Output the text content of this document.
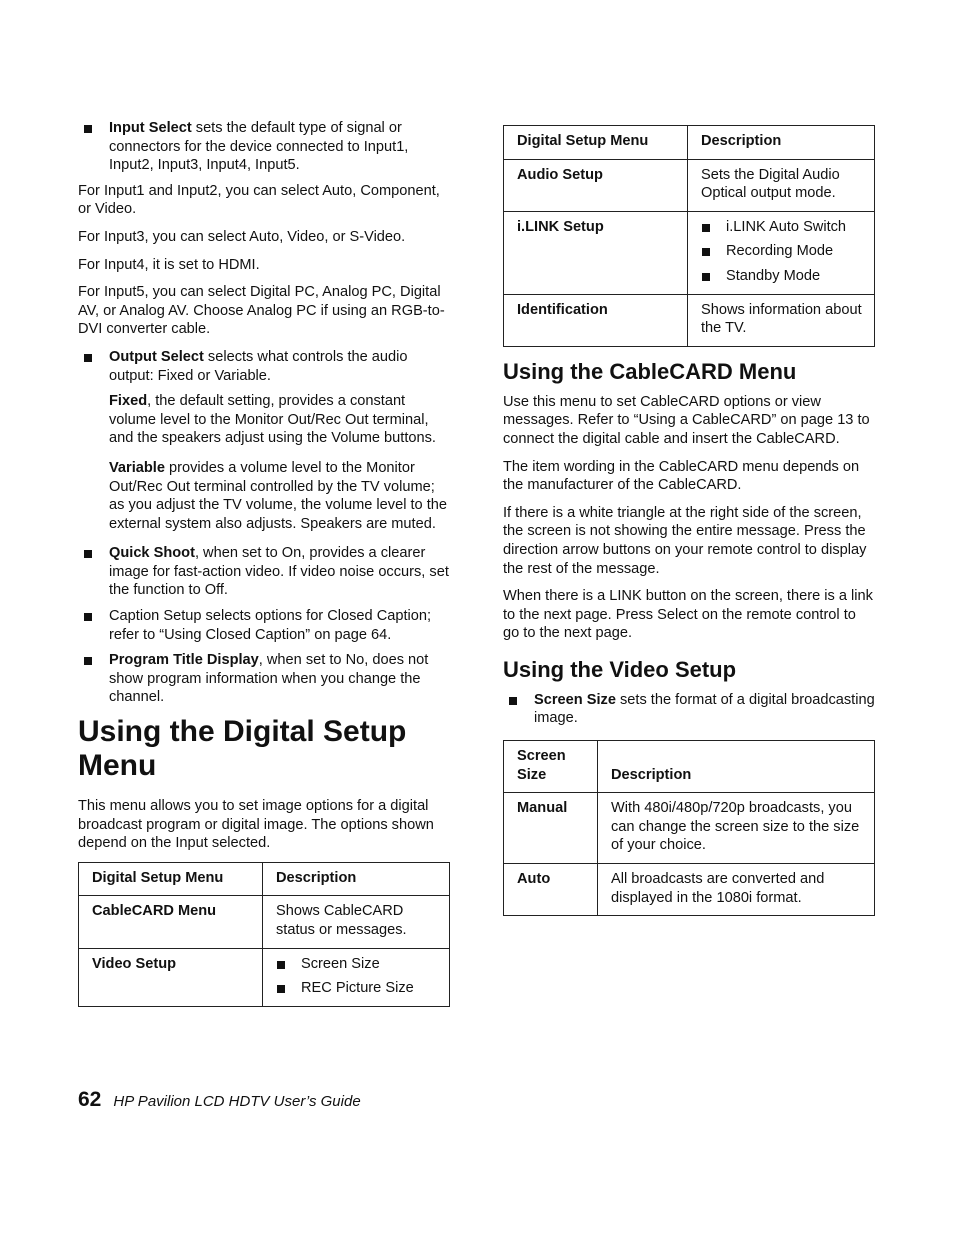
Input Select sets the default type of signal or connectors for the device connected to Input1, Input2, Input3, Input4, Input5.

For Input1 and Input2, you can select Auto, Component, or Video.

For Input3, you can select Auto, Video, or S-Video.

For Input4, it is set to HDMI.

For Input5, you can select Digital PC, Analog PC, Digital AV, or Analog AV. Choose Analog PC if using an RGB-to-DVI converter cable.

Output Select selects what controls the audio output: Fixed or Variable.
Fixed, the default setting, provides a constant volume level to the Monitor Out/Rec Out terminal, and the speakers adjust using the Volume buttons.
Variable provides a volume level to the Monitor Out/Rec Out terminal controlled by the TV volume; as you adjust the TV volume, the volume level to the external system also adjusts. Speakers are muted.
Quick Shoot, when set to On, provides a clearer image for fast-action video. If video noise occurs, set the function to Off.
Caption Setup selects options for Closed Caption; refer to “Using Closed Caption” on page 64.
Program Title Display, when set to No, does not show program information when you change the channel.
Using the Digital Setup Menu

This menu allows you to set image options for a digital broadcast program or digital image. The options shown depend on the Input selected.

Digital Setup Menu	Description
CableCARD Menu	Shows CableCARD status or messages.
Video Setup	Screen Size
REC Picture Size
Digital Setup Menu	Description
Audio Setup	Sets the Digital Audio Optical output mode.
i.LINK Setup	i.LINK Auto Switch
Recording Mode
Standby Mode

Identification	Shows information about the TV.
Using the CableCARD Menu

Use this menu to set CableCARD options or view messages. Refer to “Using a CableCARD” on page 13 to connect the digital cable and insert the CableCARD.

The item wording in the CableCARD menu depends on the manufacturer of the CableCARD.

If there is a white triangle at the right side of the screen, the screen is not showing the entire message. Press the direction arrow buttons on your remote control to display the rest of the message.

When there is a LINK button on the screen, there is a link to the next page. Press Select on the remote control to go to the next page.

Using the Video Setup
Screen Size sets the format of a digital broadcasting image.
Screen Size	Description
Manual	With 480i/480p/720p broadcasts, you can change the screen size to the size of your choice.
Auto	All broadcasts are converted and displayed in the 1080i format.
62 HP Pavilion LCD HDTV User’s Guide
